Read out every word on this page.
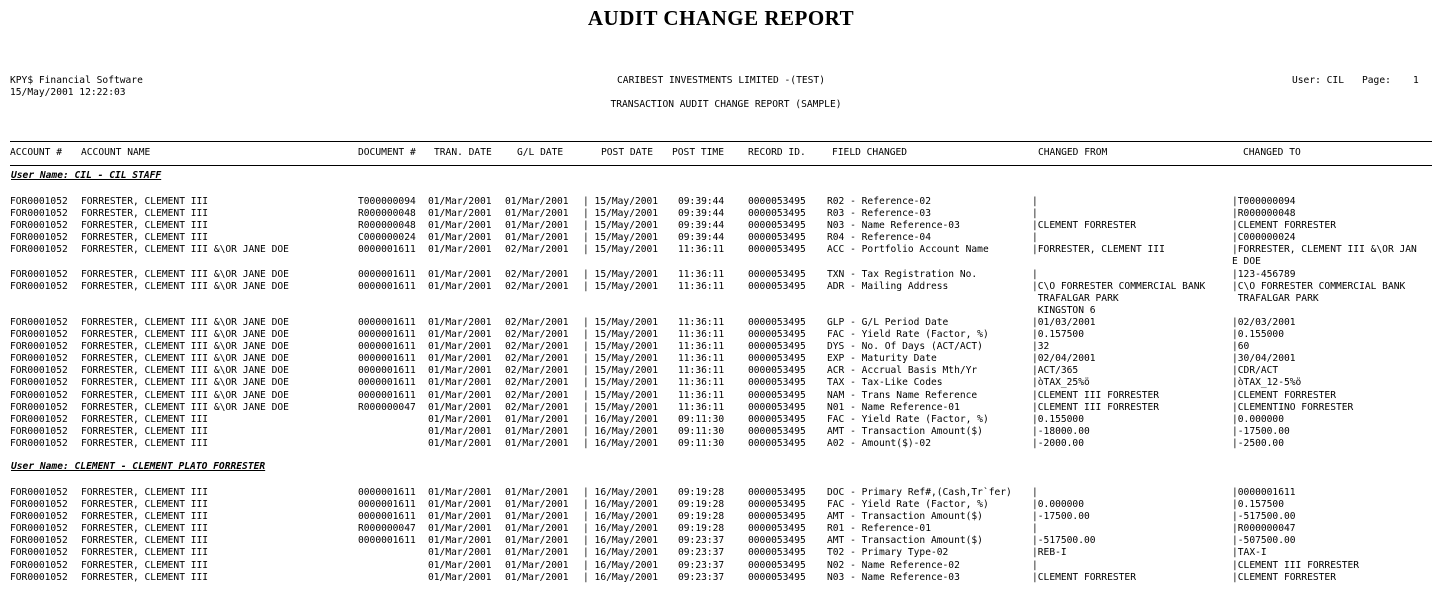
AUDIT CHANGE REPORT
KPY$ Financial Software
15/May/2001 12:22:03
CARIBEST INVESTMENTS LIMITED -(TEST)
TRANSACTION AUDIT CHANGE REPORT (SAMPLE)
User: CIL Page: 1
ACCOUNT # ACCOUNT NAME	DOCUMENT # TRAN. DATE	G/L DATE	POST DATE POST TIME	RECORD ID.	FIELD CHANGED	CHANGED FROM	CHANGED TO
User Name: CIL - CIL STAFF
FOR0001052 FORRESTER, CLEMENT III	T000000094 01/Mar/2001 01/Mar/2001 | 15/May/2001 09:39:44 0000053495 R02 - Reference-02	|	|T000000094
FOR0001052 FORRESTER, CLEMENT III	R000000048 01/Mar/2001 01/Mar/2001 | 15/May/2001 09:39:44 0000053495 R03 - Reference-03	|	|R000000048
FOR0001052 FORRESTER, CLEMENT III	R000000048 01/Mar/2001 01/Mar/2001 | 15/May/2001 09:39:44 0000053495 N03 - Name Reference-03	|CLEMENT FORRESTER	|CLEMENT FORRESTER
FOR0001052 FORRESTER, CLEMENT III	C000000024 01/Mar/2001 01/Mar/2001 | 15/May/2001 09:39:44 0000053495 R04 - Reference-04	|	|C000000024
FOR0001052 FORRESTER, CLEMENT III &\OR JANE DOE	0000001611 01/Mar/2001 02/Mar/2001 | 15/May/2001 11:36:11 0000053495 ACC - Portfolio Account Name	|FORRESTER, CLEMENT III	|FORRESTER, CLEMENT III &\OR JAN
E DOE
FOR0001052 FORRESTER, CLEMENT III &\OR JANE DOE	0000001611 01/Mar/2001 02/Mar/2001 | 15/May/2001 11:36:11 0000053495 TXN - Tax Registration No.	|	|123-456789
FOR0001052 FORRESTER, CLEMENT III &\OR JANE DOE	0000001611 01/Mar/2001 02/Mar/2001 | 15/May/2001 11:36:11 0000053495 ADR - Mailing Address	|C\O FORRESTER COMMERCIAL BANK	|C\O FORRESTER COMMERCIAL BANK
TRAFALGAR PARK	TRAFALGAR PARK
KINGSTON 6
FOR0001052 FORRESTER, CLEMENT III &\OR JANE DOE	0000001611 01/Mar/2001 02/Mar/2001 | 15/May/2001 11:36:11 0000053495 GLP - G/L Period Date	|01/03/2001	|02/03/2001
FOR0001052 FORRESTER, CLEMENT III &\OR JANE DOE	0000001611 01/Mar/2001 02/Mar/2001 | 15/May/2001 11:36:11 0000053495 FAC - Yield Rate (Factor, %)	|0.157500	|0.155000
FOR0001052 FORRESTER, CLEMENT III &\OR JANE DOE	0000001611 01/Mar/2001 02/Mar/2001 | 15/May/2001 11:36:11 0000053495 DYS - No. Of Days (ACT/ACT)	|32	|60
FOR0001052 FORRESTER, CLEMENT III &\OR JANE DOE	0000001611 01/Mar/2001 02/Mar/2001 | 15/May/2001 11:36:11 0000053495 EXP - Maturity Date	|02/04/2001	|30/04/2001
FOR0001052 FORRESTER, CLEMENT III &\OR JANE DOE	0000001611 01/Mar/2001 02/Mar/2001 | 15/May/2001 11:36:11 0000053495 ACR - Accrual Basis Mth/Yr	|ACT/365	|CDR/ACT
FOR0001052 FORRESTER, CLEMENT III &\OR JANE DOE	0000001611 01/Mar/2001 02/Mar/2001 | 15/May/2001 11:36:11 0000053495 TAX - Tax-Like Codes	|òTAX_25%ö	|òTAX_12-5%ö
FOR0001052 FORRESTER, CLEMENT III &\OR JANE DOE	0000001611 01/Mar/2001 02/Mar/2001 | 15/May/2001 11:36:11 0000053495 NAM - Trans Name Reference	|CLEMENT III FORRESTER	|CLEMENT FORRESTER
FOR0001052 FORRESTER, CLEMENT III &\OR JANE DOE	R000000047 01/Mar/2001 02/Mar/2001 | 15/May/2001 11:36:11 0000053495 N01 - Name Reference-01	|CLEMENT III FORRESTER	|CLEMENTINO FORRESTER
FOR0001052 FORRESTER, CLEMENT III	01/Mar/2001 01/Mar/2001 | 16/May/2001 09:11:30 0000053495 FAC - Yield Rate (Factor, %)	|0.155000	|0.000000
FOR0001052 FORRESTER, CLEMENT III	01/Mar/2001 01/Mar/2001 | 16/May/2001 09:11:30 0000053495 AMT - Transaction Amount($)	|-18000.00	|-17500.00
FOR0001052 FORRESTER, CLEMENT III	01/Mar/2001 01/Mar/2001 | 16/May/2001 09:11:30 0000053495 A02 - Amount($)-02	|-2000.00	|-2500.00
User Name: CLEMENT - CLEMENT PLATO FORRESTER
FOR0001052 FORRESTER, CLEMENT III	0000001611 01/Mar/2001 01/Mar/2001 | 16/May/2001 09:19:28 0000053495 DOC - Primary Ref#,(Cash,Tr`fer) |	|0000001611
FOR0001052 FORRESTER, CLEMENT III	0000001611 01/Mar/2001 01/Mar/2001 | 16/May/2001 09:19:28 0000053495 FAC - Yield Rate (Factor, %)	|0.000000	|0.157500
FOR0001052 FORRESTER, CLEMENT III	0000001611 01/Mar/2001 01/Mar/2001 | 16/May/2001 09:19:28 0000053495 AMT - Transaction Amount($)	|-17500.00	|-517500.00
FOR0001052 FORRESTER, CLEMENT III	R000000047 01/Mar/2001 01/Mar/2001 | 16/May/2001 09:19:28 0000053495 R01 - Reference-01	|	|R000000047
FOR0001052 FORRESTER, CLEMENT III	0000001611 01/Mar/2001 01/Mar/2001 | 16/May/2001 09:23:37 0000053495 AMT - Transaction Amount($)	|-517500.00	|-507500.00
FOR0001052 FORRESTER, CLEMENT III	01/Mar/2001 01/Mar/2001 | 16/May/2001 09:23:37 0000053495 T02 - Primary Type-02	|REB-I	|TAX-I
FOR0001052 FORRESTER, CLEMENT III	01/Mar/2001 01/Mar/2001 | 16/May/2001 09:23:37 0000053495 N02 - Name Reference-02	|	|CLEMENT III FORRESTER
FOR0001052 FORRESTER, CLEMENT III	01/Mar/2001 01/Mar/2001 | 16/May/2001 09:23:37 0000053495 N03 - Name Reference-03	|CLEMENT FORRESTER	|CLEMENT FORRESTER
